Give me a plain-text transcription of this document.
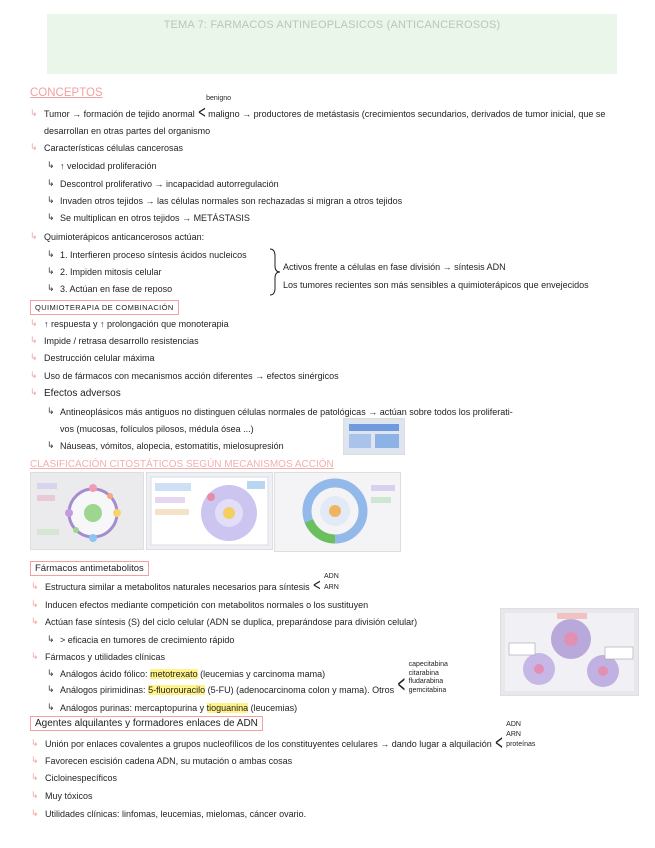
TEMA 7: FARMACOS ANTINEOPLASICOS (ANTICANCEROSOS)
CONCEPTOS
↳ Tumor → formación de tejido anormal < maligno
benigno
→ productores de metástasis (crecimientos secundarios, derivados de tumor inicial, que se
desarrollan en otras partes del organismo
↳ Características células cancerosas
↳ ↑ velocidad proliferación
↳ Descontrol proliferativo → incapacidad autorregulación
↳ Invaden otros tejidos → las células normales son rechazadas si migran a otros tejidos
↳ Se multiplican en otros tejidos → METÁSTASIS
↳ Quimioterápicos anticancerosos actúan:
↳ 1. Interfieren proceso síntesis ácidos nucleicos
↳ 2. Impiden mitosis celular
↳ 3. Actúan en fase de reposo
Activos frente a células en fase división → síntesis ADN
Los tumores recientes son más sensibles a quimioterápicos que envejecidos
QUIMIOTERAPIA DE COMBINACIÓN
↳ ↑ respuesta y ↑ prolongación que monoterapia
↳ Impide / retrasa desarrollo resistencias
↳ Destrucción celular máxima
↳ Uso de fármacos con mecanismos acción diferentes → efectos sinérgicos
↳ Efectos adversos
↳ Antineoplásicos más antiguos no distinguen células normales de patológicas → actúan sobre todos los proliferati-
vos (mucosas, folículos pilosos, médula ósea ...)
↳ Náuseas, vómitos, alopecia, estomatitis, mielosupresión
CLASIFICACIÓN CITOSTÁTICOS SEGÚN MECANISMOS ACCIÓN
Fármacos antimetabolitos
↳ Estructura similar a metabolitos naturales necesarios para síntesis <
ADN
ARN
↳ Inducen efectos mediante competición con metabolitos normales o los sustituyen
↳ Actúan fase síntesis (S) del ciclo celular (ADN se duplica, preparándose para división celular)
↳ > eficacia en tumores de crecimiento rápido
↳ Fármacos y utilidades clínicas
↳ Análogos ácido fólico: metotrexato (leucemias y carcinoma mama)
↳ Análogos pirimidinas: 5-fluorouracilo (5-FU) (adenocarcinoma colon y mama). Otros <
capecitabina
citarabina
fludarabina
gemcitabina
↳ Análogos purinas: mercaptopurina y tioguanina (leucemias)
Agentes alquilantes y formadores enlaces de ADN
↳ Unión por enlaces covalentes a grupos nucleofílicos de los constituyentes celulares → dando lugar a alquilación <
ADN
ARN
proteínas
↳ Favorecen escisión cadena ADN, su mutación o ambas cosas
↳ Cicloinespecíficos
↳ Muy tóxicos
↳ Utilidades clínicas: linfomas, leucemias, mielomas, cáncer ovario.
